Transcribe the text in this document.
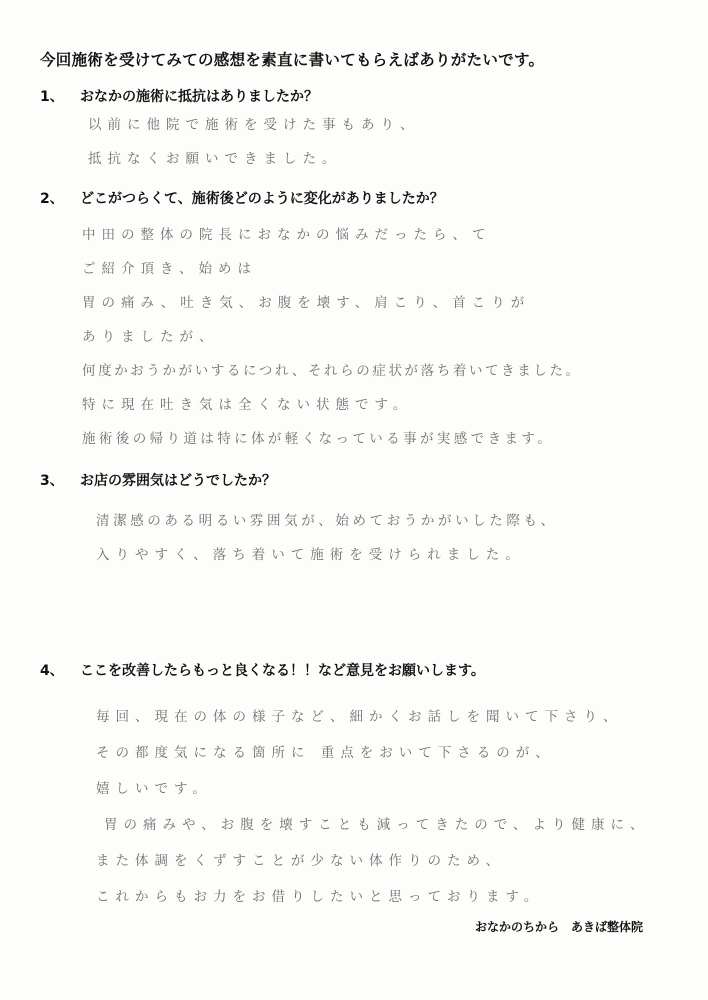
今回施術を受けてみての感想を素直に書いてもらえばありがたいです。
1、 おなかの施術に抵抗はありましたか？
以前に他院で施術を受けた事もあり、
抵抗なくお願いできました。
2、 どこがつらくて、施術後どのように変化がありましたか？
中田の整体の院長におなかの悩みだったら、て
ご紹介頂き、始めは
胃の痛み、吐き気、お腹を壊す、肩こり、首こりが
ありましたが、
何度かおうかがいするにつれ、それらの症状が落ち着いてきました。
特に現在吐き気は全くない状態です。
施術後の帰り道は特に体が軽くなっている事が実感できます。
3、 お店の雰囲気はどうでしたか？
清潔感のある明るい雰囲気が、始めておうかがいした際も、
入りやすく、落ち着いて施術を受けられました。
4、 ここを改善したらもっと良くなる！！など意見をお願いします。
毎回、現在の体の様子など、細かくお話しを聞いて下さり、
その都度気になる箇所に 重点をおいて下さるのが、
嬉しいです。
胃の痛みや、お腹を壊すことも減ってきたので、より健康に、
また体調をくずすことが少ない体作りのため、
これからもお力をお借りしたいと思っております。
おなかのちから　あきば整体院
